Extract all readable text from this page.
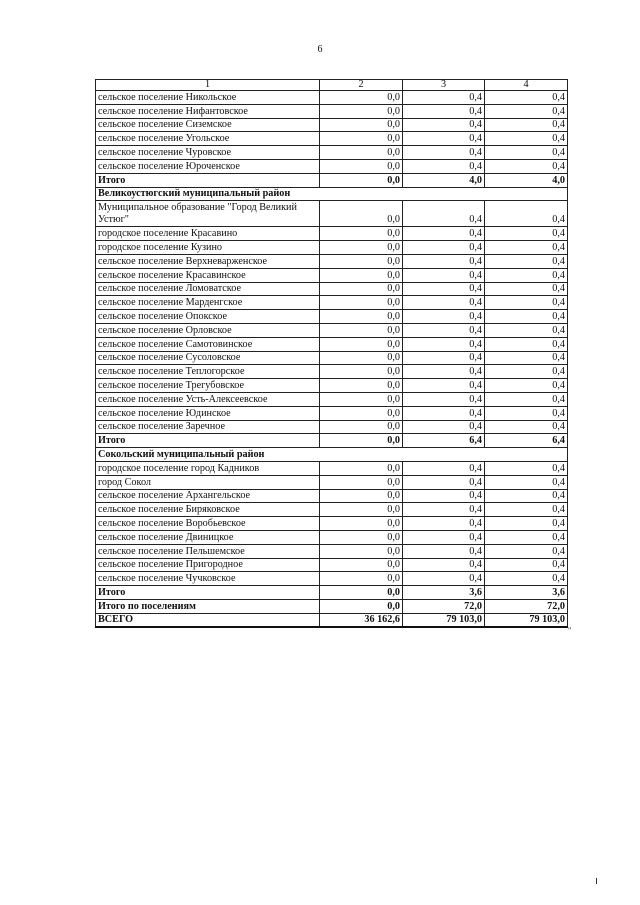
6
1	2	3	4
сельское поселение Никольское	0,0	0,4	0,4
сельское поселение Нифантовское	0,0	0,4	0,4
сельское поселение Сиземское	0,0	0,4	0,4
сельское поселение Угольское	0,0	0,4	0,4
сельское поселение Чуровское	0,0	0,4	0,4
сельское поселение Юроченское	0,0	0,4	0,4
Итого	0,0	4,0	4,0
Великоустюгский муниципальный район			
Муниципальное образование "Город Великий Устюг"	0,0	0,4	0,4
городское поселение Красавино	0,0	0,4	0,4
городское поселение Кузино	0,0	0,4	0,4
сельское поселение Верхневарженское	0,0	0,4	0,4
сельское поселение Красавинское	0,0	0,4	0,4
сельское поселение Ломоватское	0,0	0,4	0,4
сельское поселение Марденгское	0,0	0,4	0,4
сельское поселение Опокское	0,0	0,4	0,4
сельское поселение Орловское	0,0	0,4	0,4
сельское поселение Самотовинское	0,0	0,4	0,4
сельское поселение Сусоловское	0,0	0,4	0,4
сельское поселение Теплогорское	0,0	0,4	0,4
сельское поселение Трегубовское	0,0	0,4	0,4
сельское поселение Усть-Алексеевское	0,0	0,4	0,4
сельское поселение Юдинское	0,0	0,4	0,4
сельское поселение Заречное	0,0	0,4	0,4
Итого	0,0	6,4	6,4
Сокольский муниципальный район			
городское поселение город Кадников	0,0	0,4	0,4
город Сокол	0,0	0,4	0,4
сельское поселение Архангельское	0,0	0,4	0,4
сельское поселение Биряковское	0,0	0,4	0,4
сельское поселение Воробьевское	0,0	0,4	0,4
сельское поселение Двиницкое	0,0	0,4	0,4
сельское поселение Пельшемское	0,0	0,4	0,4
сельское поселение Пригородное	0,0	0,4	0,4
сельское поселение Чучковское	0,0	0,4	0,4
Итого	0,0	3,6	3,6
Итого по поселениям	0,0	72,0	72,0
ВСЕГО	36 162,6	79 103,0	79 103,0
"
